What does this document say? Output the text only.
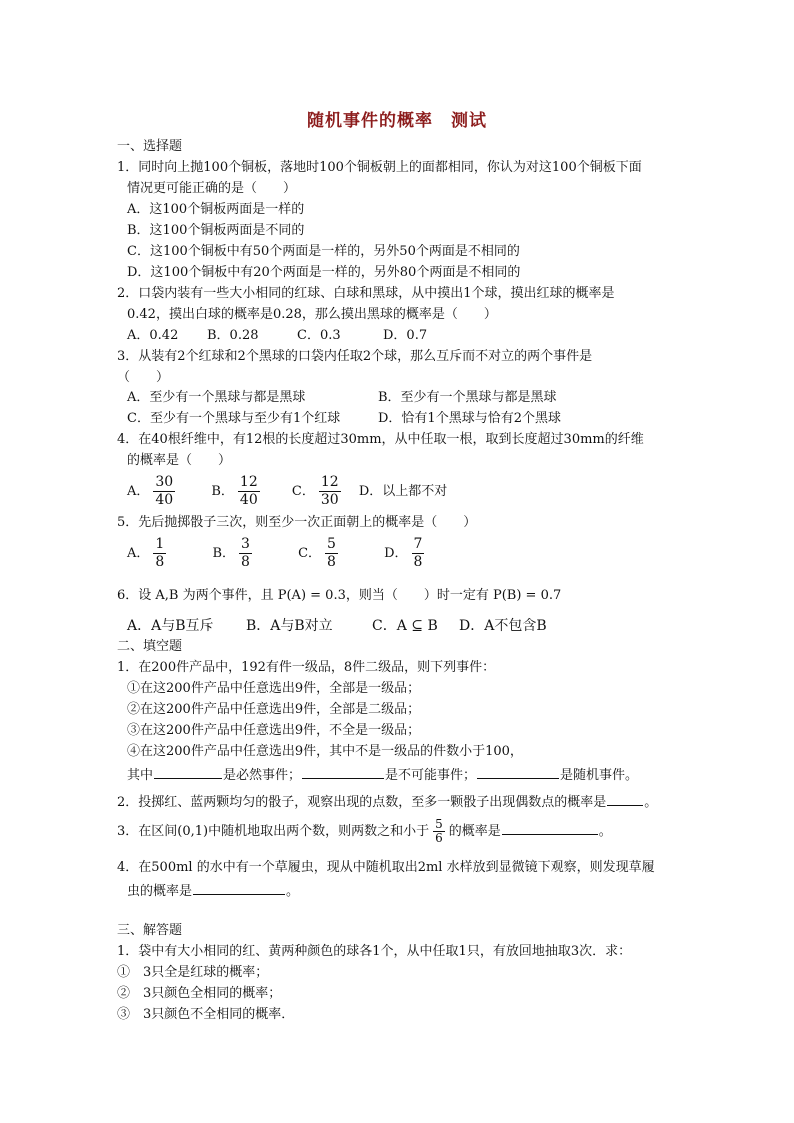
随机事件的概率　测试
一、选择题
1．同时向上抛100个铜板，落地时100个铜板朝上的面都相同，你认为对这100个铜板下面
情况更可能正确的是（　　）
A．这100个铜板两面是一样的
B．这100个铜板两面是不同的
C．这100个铜板中有50个两面是一样的，另外50个两面是不相同的
D．这100个铜板中有20个两面是一样的，另外80个两面是不相同的
2．口袋内装有一些大小相同的红球、白球和黑球，从中摸出1个球，摸出红球的概率是
0.42，摸出白球的概率是0.28，那么摸出黑球的概率是（　　）
A．0.42 B．0.28	C．0.3	D．0.7
3．从装有2个红球和2个黑球的口袋内任取2个球，那么互斥而不对立的两个事件是
（　　）
A．至少有一个黑球与都是黑球	B．至少有一个黑球与都是黑球
C．至少有一个黑球与至少有1个红球	D．恰有1个黑球与恰有2个黑球
4．在40根纤维中，有12根的长度超过30mm，从中任取一根，取到长度超过30mm的纤维
的概率是（　　）
A． $\frac{30}{40}$	B． $\frac{12}{40}$ C． $\frac{12}{30}$ D．以上都不对
5．先后抛掷骰子三次，则至少一次正面朝上的概率是（　　）
A． $\frac{1}{8}$	B． $\frac{3}{8}$	C． $\frac{5}{8}$	D． $\frac{7}{8}$
6．设 A,B 为两个事件，且 P(A) = 0.3，则当（　　）时一定有 P(B) = 0.7
A．A与B互斥 B．A与B对立	C．A ⊆ B D．A不包含B
二、填空题
1．在200件产品中，192有件一级品，8件二级品，则下列事件：
①在这200件产品中任意选出9件，全部是一级品；
②在这200件产品中任意选出9件，全部是二级品；
③在这200件产品中任意选出9件，不全是一级品；
④在这200件产品中任意选出9件，其中不是一级品的件数小于100，
其中	是必然事件；	是不可能事件；	是随机事件。
2．投掷红、蓝两颗均匀的骰子，观察出现的点数，至多一颗骰子出现偶数点的概率是	。
3．在区间(0,1)中随机地取出两个数，则两数之和小于 $\frac{5}{6}$ 的概率是	。
4．在500ml 的水中有一个草履虫，现从中随机取出2ml 水样放到显微镜下观察，则发现草履
虫的概率是	。
三、解答题
1．袋中有大小相同的红、黄两种颜色的球各1个，从中任取1只，有放回地抽取3次．求：
①　3只全是红球的概率；
②　3只颜色全相同的概率；
③　3只颜色不全相同的概率．
